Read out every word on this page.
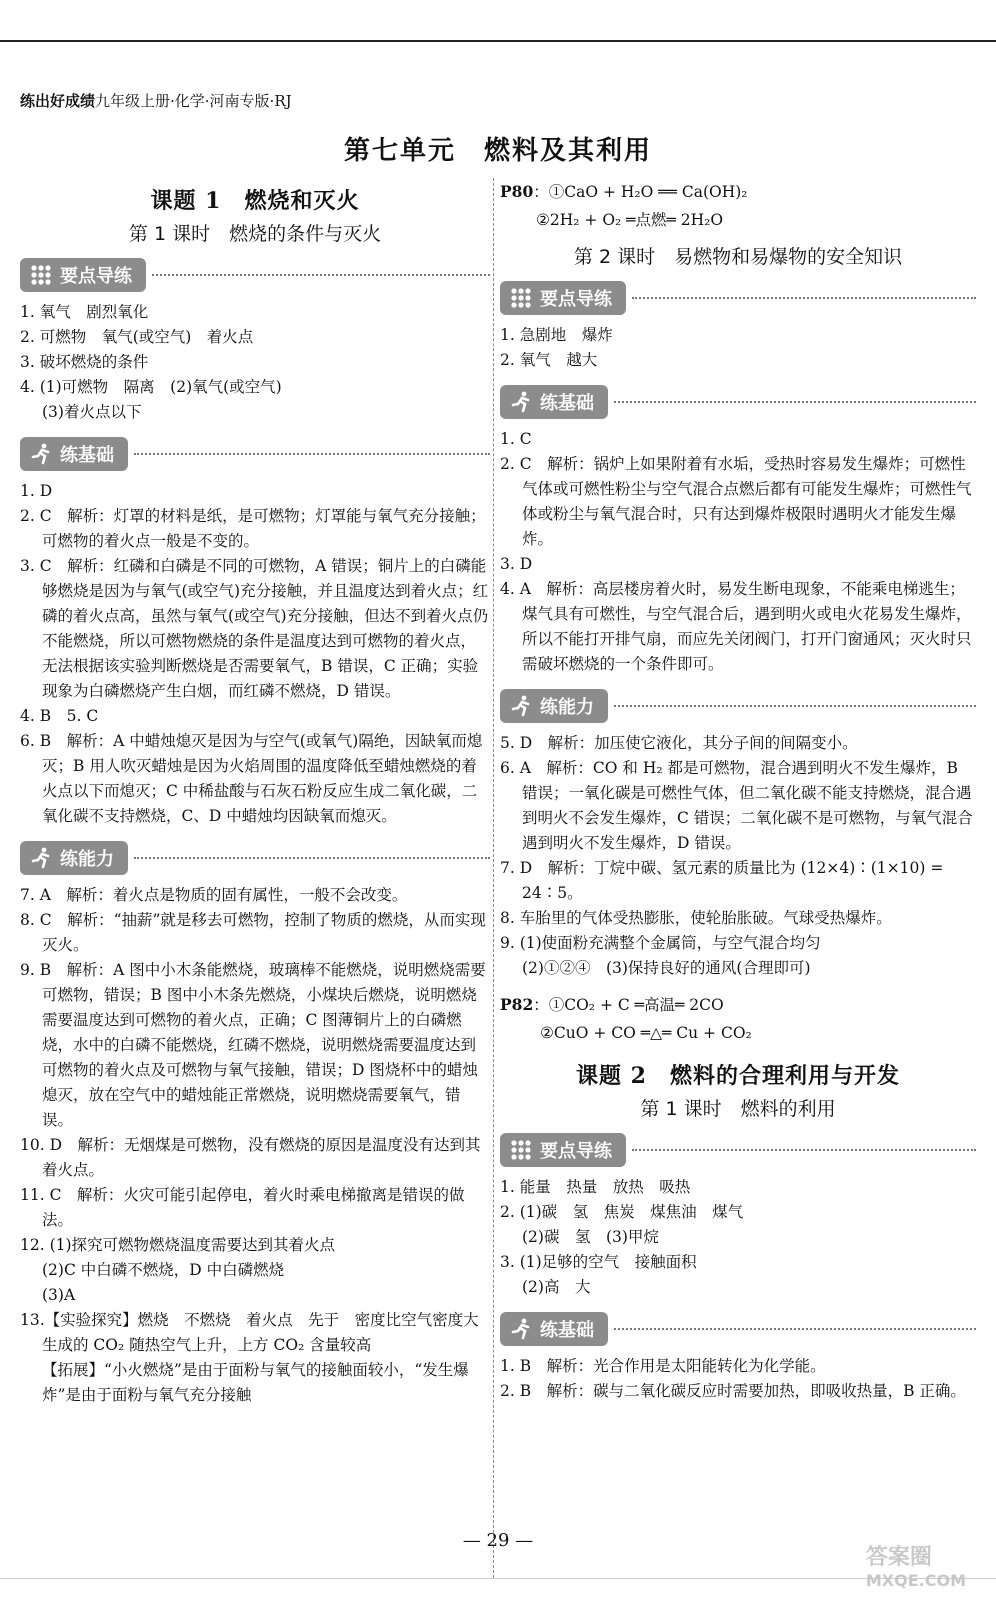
练出好成绩九年级上册·化学·河南专版·RJ
第七单元　燃料及其利用
课题 1　燃烧和灭火
第 1 课时　燃烧的条件与灭火
要点导练
1. 氧气　剧烈氧化
2. 可燃物　氧气(或空气)　着火点
3. 破坏燃烧的条件
4. (1)可燃物　隔离　(2)氧气(或空气)
(3)着火点以下
练基础
1. D
2. C　解析：灯罩的材料是纸，是可燃物；灯罩能与氧气充分接触；可燃物的着火点一般是不变的。
3. C　解析：红磷和白磷是不同的可燃物，A 错误；铜片上的白磷能够燃烧是因为与氧气(或空气)充分接触，并且温度达到着火点；红磷的着火点高，虽然与氧气(或空气)充分接触，但达不到着火点仍不能燃烧，所以可燃物燃烧的条件是温度达到可燃物的着火点，无法根据该实验判断燃烧是否需要氧气，B 错误，C 正确；实验现象为白磷燃烧产生白烟，而红磷不燃烧，D 错误。
4. B　5. C
6. B　解析：A 中蜡烛熄灭是因为与空气(或氧气)隔绝，因缺氧而熄灭；B 用人吹灭蜡烛是因为火焰周围的温度降低至蜡烛燃烧的着火点以下而熄灭；C 中稀盐酸与石灰石粉反应生成二氧化碳，二氧化碳不支持燃烧，C、D 中蜡烛均因缺氧而熄灭。
练能力
7. A　解析：着火点是物质的固有属性，一般不会改变。
8. C　解析：“抽薪”就是移去可燃物，控制了物质的燃烧，从而实现灭火。
9. B　解析：A 图中小木条能燃烧，玻璃棒不能燃烧，说明燃烧需要可燃物，错误；B 图中小木条先燃烧，小煤块后燃烧，说明燃烧需要温度达到可燃物的着火点，正确；C 图薄铜片上的白磷燃烧，水中的白磷不能燃烧，红磷不燃烧，说明燃烧需要温度达到可燃物的着火点及可燃物与氧气接触，错误；D 图烧杯中的蜡烛熄灭，放在空气中的蜡烛能正常燃烧，说明燃烧需要氧气，错误。
10. D　解析：无烟煤是可燃物，没有燃烧的原因是温度没有达到其着火点。
11. C　解析：火灾可能引起停电，着火时乘电梯撤离是错误的做法。
12. (1)探究可燃物燃烧温度需要达到其着火点
(2)C 中白磷不燃烧，D 中白磷燃烧
(3)A
13.【实验探究】燃烧　不燃烧　着火点　先于　密度比空气密度大　生成的 CO₂ 随热空气上升，上方 CO₂ 含量较高
【拓展】“小火燃烧”是由于面粉与氧气的接触面较小，“发生爆炸”是由于面粉与氧气充分接触
P80：①CaO + H₂O ══ Ca(OH)₂
②2H₂ + O₂ ═点燃═ 2H₂O
第 2 课时　易燃物和易爆物的安全知识
要点导练
1. 急剧地　爆炸
2. 氧气　越大
练基础
1. C
2. C　解析：锅炉上如果附着有水垢，受热时容易发生爆炸；可燃性气体或可燃性粉尘与空气混合点燃后都有可能发生爆炸；可燃性气体或粉尘与氧气混合时，只有达到爆炸极限时遇明火才能发生爆炸。
3. D
4. A　解析：高层楼房着火时，易发生断电现象，不能乘电梯逃生；煤气具有可燃性，与空气混合后，遇到明火或电火花易发生爆炸，所以不能打开排气扇，而应先关闭阀门，打开门窗通风；灭火时只需破坏燃烧的一个条件即可。
练能力
5. D　解析：加压使它液化，其分子间的间隔变小。
6. A　解析：CO 和 H₂ 都是可燃物，混合遇到明火不发生爆炸，B 错误；一氧化碳是可燃性气体，但二氧化碳不能支持燃烧，混合遇到明火不会发生爆炸，C 错误；二氧化碳不是可燃物，与氧气混合遇到明火不发生爆炸，D 错误。
7. D　解析：丁烷中碳、氢元素的质量比为 (12×4)∶(1×10) = 24∶5。
8. 车胎里的气体受热膨胀，使轮胎胀破。气球受热爆炸。
9. (1)使面粉充满整个金属筒，与空气混合均匀
(2)①②④　(3)保持良好的通风(合理即可)
P82：①CO₂ + C ═高温═ 2CO
②CuO + CO ═△═ Cu + CO₂
课题 2　燃料的合理利用与开发
第 1 课时　燃料的利用
要点导练
1. 能量　热量　放热　吸热
2. (1)碳　氢　焦炭　煤焦油　煤气
(2)碳　氢　(3)甲烷
3. (1)足够的空气　接触面积
(2)高　大
练基础
1. B　解析：光合作用是太阳能转化为化学能。
2. B　解析：碳与二氧化碳反应时需要加热，即吸收热量，B 正确。
— 29 —
答案圈
MXQE.COM
